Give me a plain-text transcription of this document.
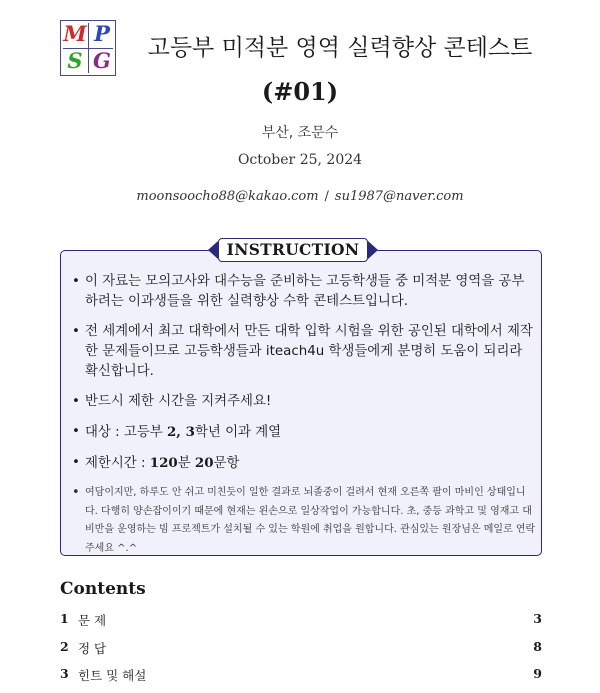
M P
S G	고등부 미적분 영역 실력향상 콘테스트
(#01)
부산, 조문수
October 25, 2024
moonsoocho88@kakao.com / su1987@naver.com
INSTRUCTION
• 이 자료는 모의고사와 대수능을 준비하는 고등학생들 중 미적분 영역을 공부하려는 이과생들을 위한 실력향상 수학 콘테스트입니다.
• 전 세계에서 최고 대학에서 만든 대학 입학 시험을 위한 공인된 대학에서 제작한 문제들이므로 고등학생들과 iteach4u 학생들에게 분명히 도움이 되리라 확신합니다.
• 반드시 제한 시간을 지켜주세요!
• 대상 : 고등부 2, 3학년 이과 계열
• 제한시간 : 120분 20문항
• 여담이지만, 하루도 안 쉬고 미친듯이 일한 결과로 뇌졸중이 걸려서 현재 오른쪽 팔이 마비인 상태입니다. 다행히 양손잡이이기 때문에 현재는 왼손으로 일상작업이 가능합니다. 초, 중등 과학고 및 영재고 대비반을 운영하는 빔 프로젝트가 설치될 수 있는 학원에 취업을 원합니다. 관심있는 원장님은 메일로 연락 주세요 ^.^
Contents
1 문 제	3
2 정 답	8
3 힌트 및 해설	9
